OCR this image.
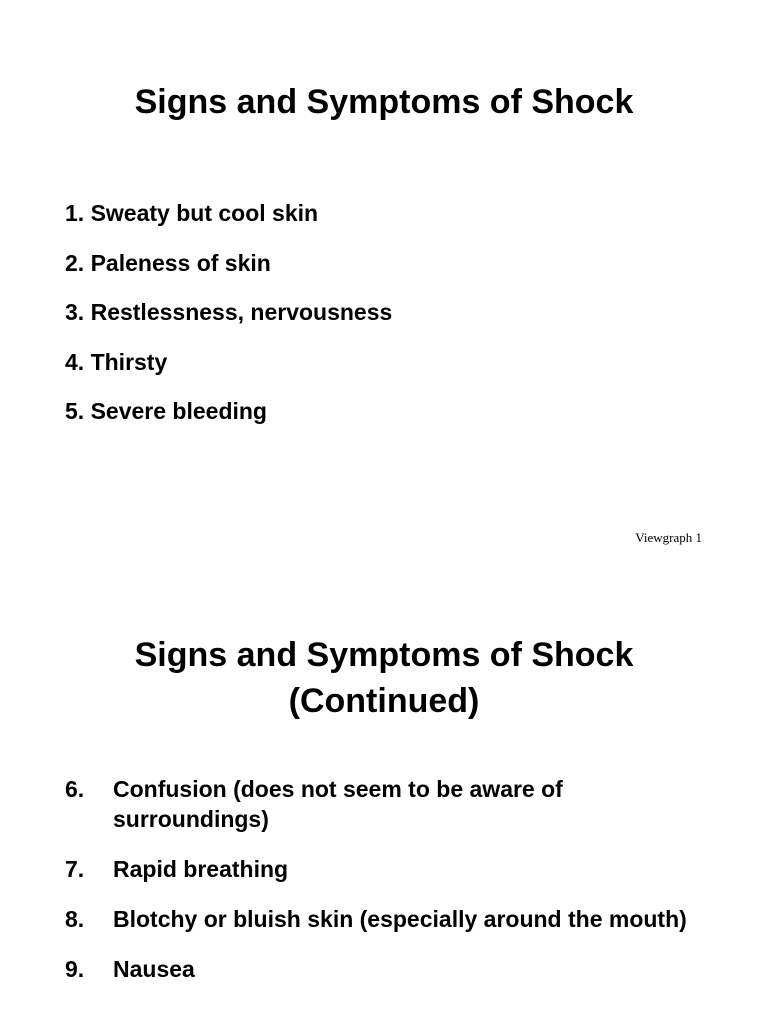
Signs and Symptoms of Shock
1. Sweaty but cool skin
2. Paleness of skin
3. Restlessness, nervousness
4. Thirsty
5. Severe bleeding
Viewgraph 1
Signs and Symptoms of Shock
(Continued)
6.	Confusion (does not seem to be aware of surroundings)
7.	Rapid breathing
8.	Blotchy or bluish skin (especially around the mouth)
9.	Nausea
